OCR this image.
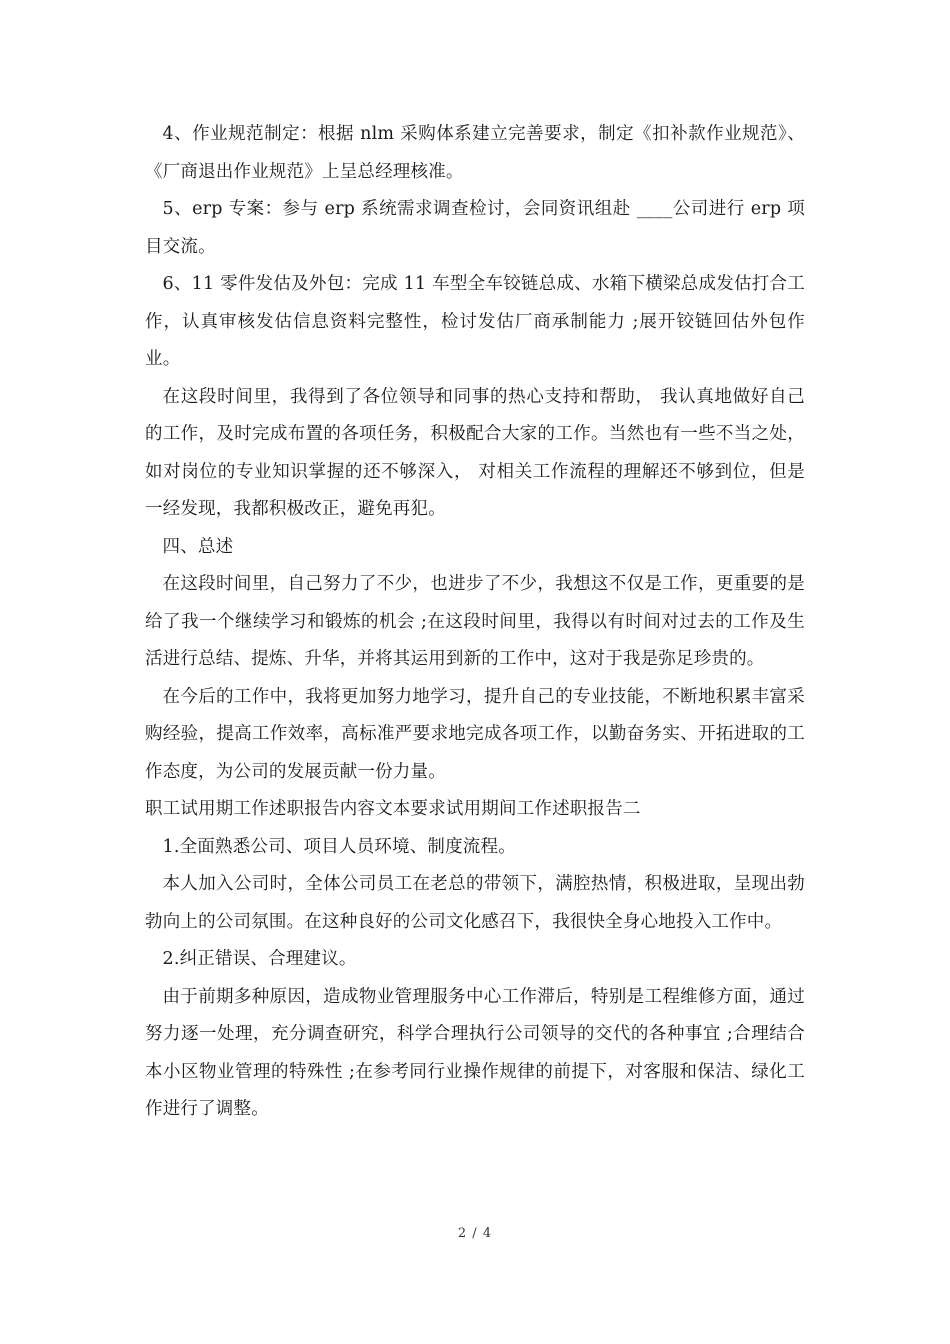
4、作业规范制定：根据 nlm 采购体系建立完善要求，制定《扣补款作业规范》、《厂商退出作业规范》上呈总经理核准。

5、erp 专案：参与 erp 系统需求调查检讨，会同资讯组赴 ____公司进行 erp 项目交流。

6、11 零件发估及外包：完成 11 车型全车铰链总成、水箱下横梁总成发估打合工作，认真审核发估信息资料完整性，检讨发估厂商承制能力 ;展开铰链回估外包作业。

在这段时间里，我得到了各位领导和同事的热心支持和帮助， 我认真地做好自己的工作，及时完成布置的各项任务，积极配合大家的工作。当然也有一些不当之处，如对岗位的专业知识掌握的还不够深入， 对相关工作流程的理解还不够到位，但是一经发现，我都积极改正，避免再犯。

四、总述

在这段时间里，自己努力了不少，也进步了不少，我想这不仅是工作，更重要的是给了我一个继续学习和锻炼的机会 ;在这段时间里，我得以有时间对过去的工作及生活进行总结、提炼、升华，并将其运用到新的工作中，这对于我是弥足珍贵的。

在今后的工作中，我将更加努力地学习，提升自己的专业技能，不断地积累丰富采购经验，提高工作效率，高标准严要求地完成各项工作，以勤奋务实、开拓进取的工作态度，为公司的发展贡献一份力量。

职工试用期工作述职报告内容文本要求试用期间工作述职报告二

1.全面熟悉公司、项目人员环境、制度流程。

本人加入公司时，全体公司员工在老总的带领下，满腔热情，积极进取，呈现出勃勃向上的公司氛围。在这种良好的公司文化感召下，我很快全身心地投入工作中。

2.纠正错误、合理建议。

由于前期多种原因，造成物业管理服务中心工作滞后，特别是工程维修方面，通过努力逐一处理，充分调查研究，科学合理执行公司领导的交代的各种事宜 ;合理结合本小区物业管理的特殊性 ;在参考同行业操作规律的前提下，对客服和保洁、绿化工作进行了调整。

2 / 4
